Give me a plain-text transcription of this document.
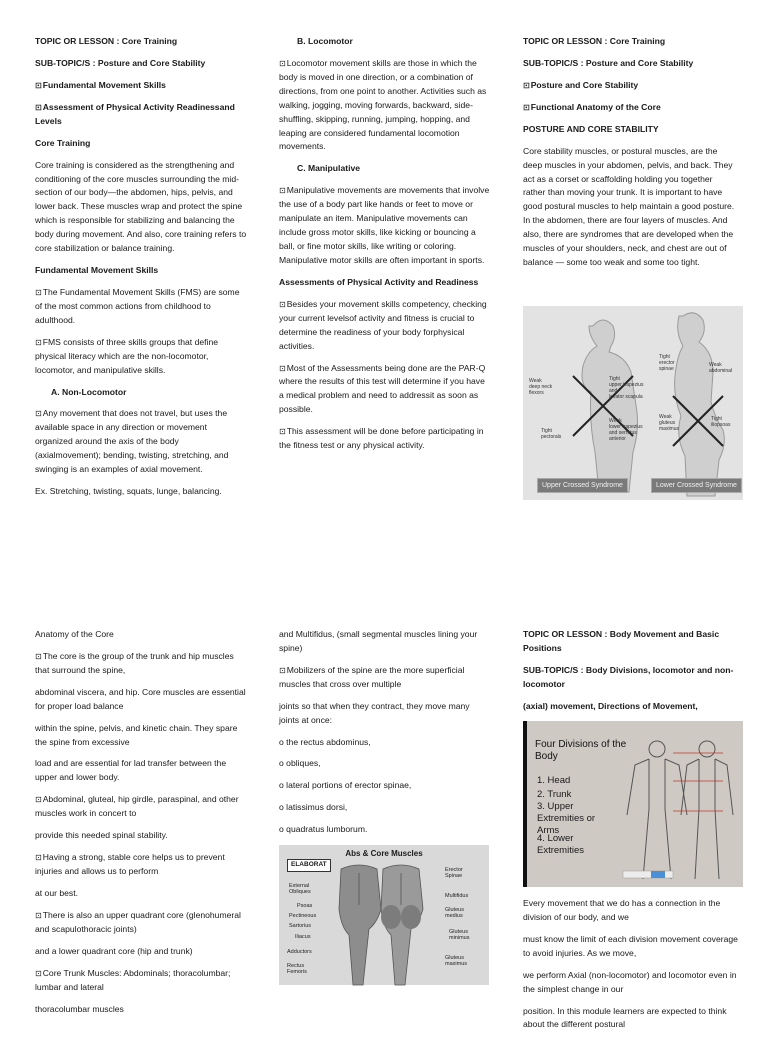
TOPIC OR LESSON : Core Training
SUB-TOPIC/S : Posture and Core Stability
⊡Fundamental Movement Skills
⊡Assessment of Physical Activity Readinessand Levels
Core Training
Core training is considered as the strengthening and conditioning of the core muscles surrounding the mid-section of our body—the abdomen, hips, pelvis, and lower back. These muscles wrap and protect the spine which is responsible for stabilizing and balancing the body during movement. And also, core training refers to core stabilization or balance training.
Fundamental Movement Skills
⊡The Fundamental Movement Skills (FMS) are some of the most common actions from childhood to adulthood.
⊡FMS consists of three skills groups that define physical literacy which are the non-locomotor, locomotor, and manipulative skills.
A. Non-Locomotor
⊡Any movement that does not travel, but uses the available space in any direction or movement organized around the axis of the body (axialmovement); bending, twisting, stretching, and swinging is an examples of axial movement.
Ex. Stretching, twisting, squats, lunge, balancing.
B. Locomotor
⊡Locomotor movement skills are those in which the body is moved in one direction, or a combination of directions, from one point to another. Activities such as walking, jogging, moving forwards, backward, side- shuffling, skipping, running, jumping, hopping, and leaping are considered fundamental locomotion movements.
C. Manipulative
⊡Manipulative movements are movements that involve the use of a body part like hands or feet to move or manipulate an item. Manipulative movements can include gross motor skills, like kicking or bouncing a ball, or fine motor skills, like writing or coloring. Manipulative motor skills are often important in sports.
Assessments of Physical Activity and Readiness
⊡Besides your movement skills competency, checking your current levelsof activity and fitness is crucial to determine the readiness of your body forphysical activities.
⊡Most of the Assessments being done are the PAR-Q where the results of this test will determine if you have a medical problem and need to addressit as soon as possible.
⊡This assessment will be done before participating in the fitness test or any physical activity.
TOPIC OR LESSON : Core Training
SUB-TOPIC/S : Posture and Core Stability
⊡Posture and Core Stability
⊡Functional Anatomy of the Core
POSTURE AND CORE STABILITY
Core stability muscles, or postural muscles, are the deep muscles in your abdomen, pelvis, and back. They act as a corset or scaffolding holding you together rather than moving your trunk. It is important to have good postural muscles to help maintain a good posture. In the abdomen, there are four layers of muscles. And also, there are syndromes that are developed when the muscles of your shoulders, neck, and chest are out of balance — some too weak and some too tight.
Weak
deep neck
flexors
Tight
pectorals
Tight
upper trapezius
and
levator scapula
Weak
lower trapezius
and serratus
anterior
Tight
erector
spinae
Weak
abdominal
Weak
gluteus
maximus
Tight
iliopsoas
Upper Crossed Syndrome	Lower Crossed Syndrome
Anatomy of the Core
⊡The core is the group of the trunk and hip muscles that surround the spine,
abdominal viscera, and hip. Core muscles are essential for proper load balance
within the spine, pelvis, and kinetic chain. They spare the spine from excessive
load and are essential for lad transfer between the upper and lower body.
⊡Abdominal, gluteal, hip girdle, paraspinal, and other muscles work in concert to
provide this needed spinal stability.
⊡Having a strong, stable core helps us to prevent injuries and allows us to perform
at our best.
⊡There is also an upper quadrant core (glenohumeral and scapulothoracic joints)
and a lower quadrant core (hip and trunk)
⊡Core Trunk Muscles: Abdominals; thoracolumbar; lumbar and lateral
thoracolumbar muscles
and Multifidus, (small segmental muscles lining your spine)
⊡Mobilizers of the spine are the more superficial muscles that cross over multiple
joints so that when they contract, they move many joints at once:
o the rectus abdominus,
o obliques,
o lateral portions of erector spinae,
o latissimus dorsi,
o quadratus lumborum.
Abs & Core Muscles
ELABORAT
External
Obliques
Psoas
Pectineous
Sartorius
Iliacus
Adductors
Rectus
Femoris
Erector
Spinae
Multifidus
Gluteus
medius
Gluteus
minimus
Gluteus
maximus
TOPIC OR LESSON : Body Movement and Basic Positions
SUB-TOPIC/S : Body Divisions, locomotor and non-locomotor
(axial) movement, Directions of Movement,
Four Divisions of the Body
1. Head
2. Trunk
3. Upper Extremities or Arms
4. Lower Extremities
Every movement that we do has a connection in the division of our body, and we
must know the limit of each division movement coverage to avoid injuries. As we move,
we perform Axial (non-locomotor) and locomotor even in the simplest change in our
position. In this module learners are expected to think about the different postural
